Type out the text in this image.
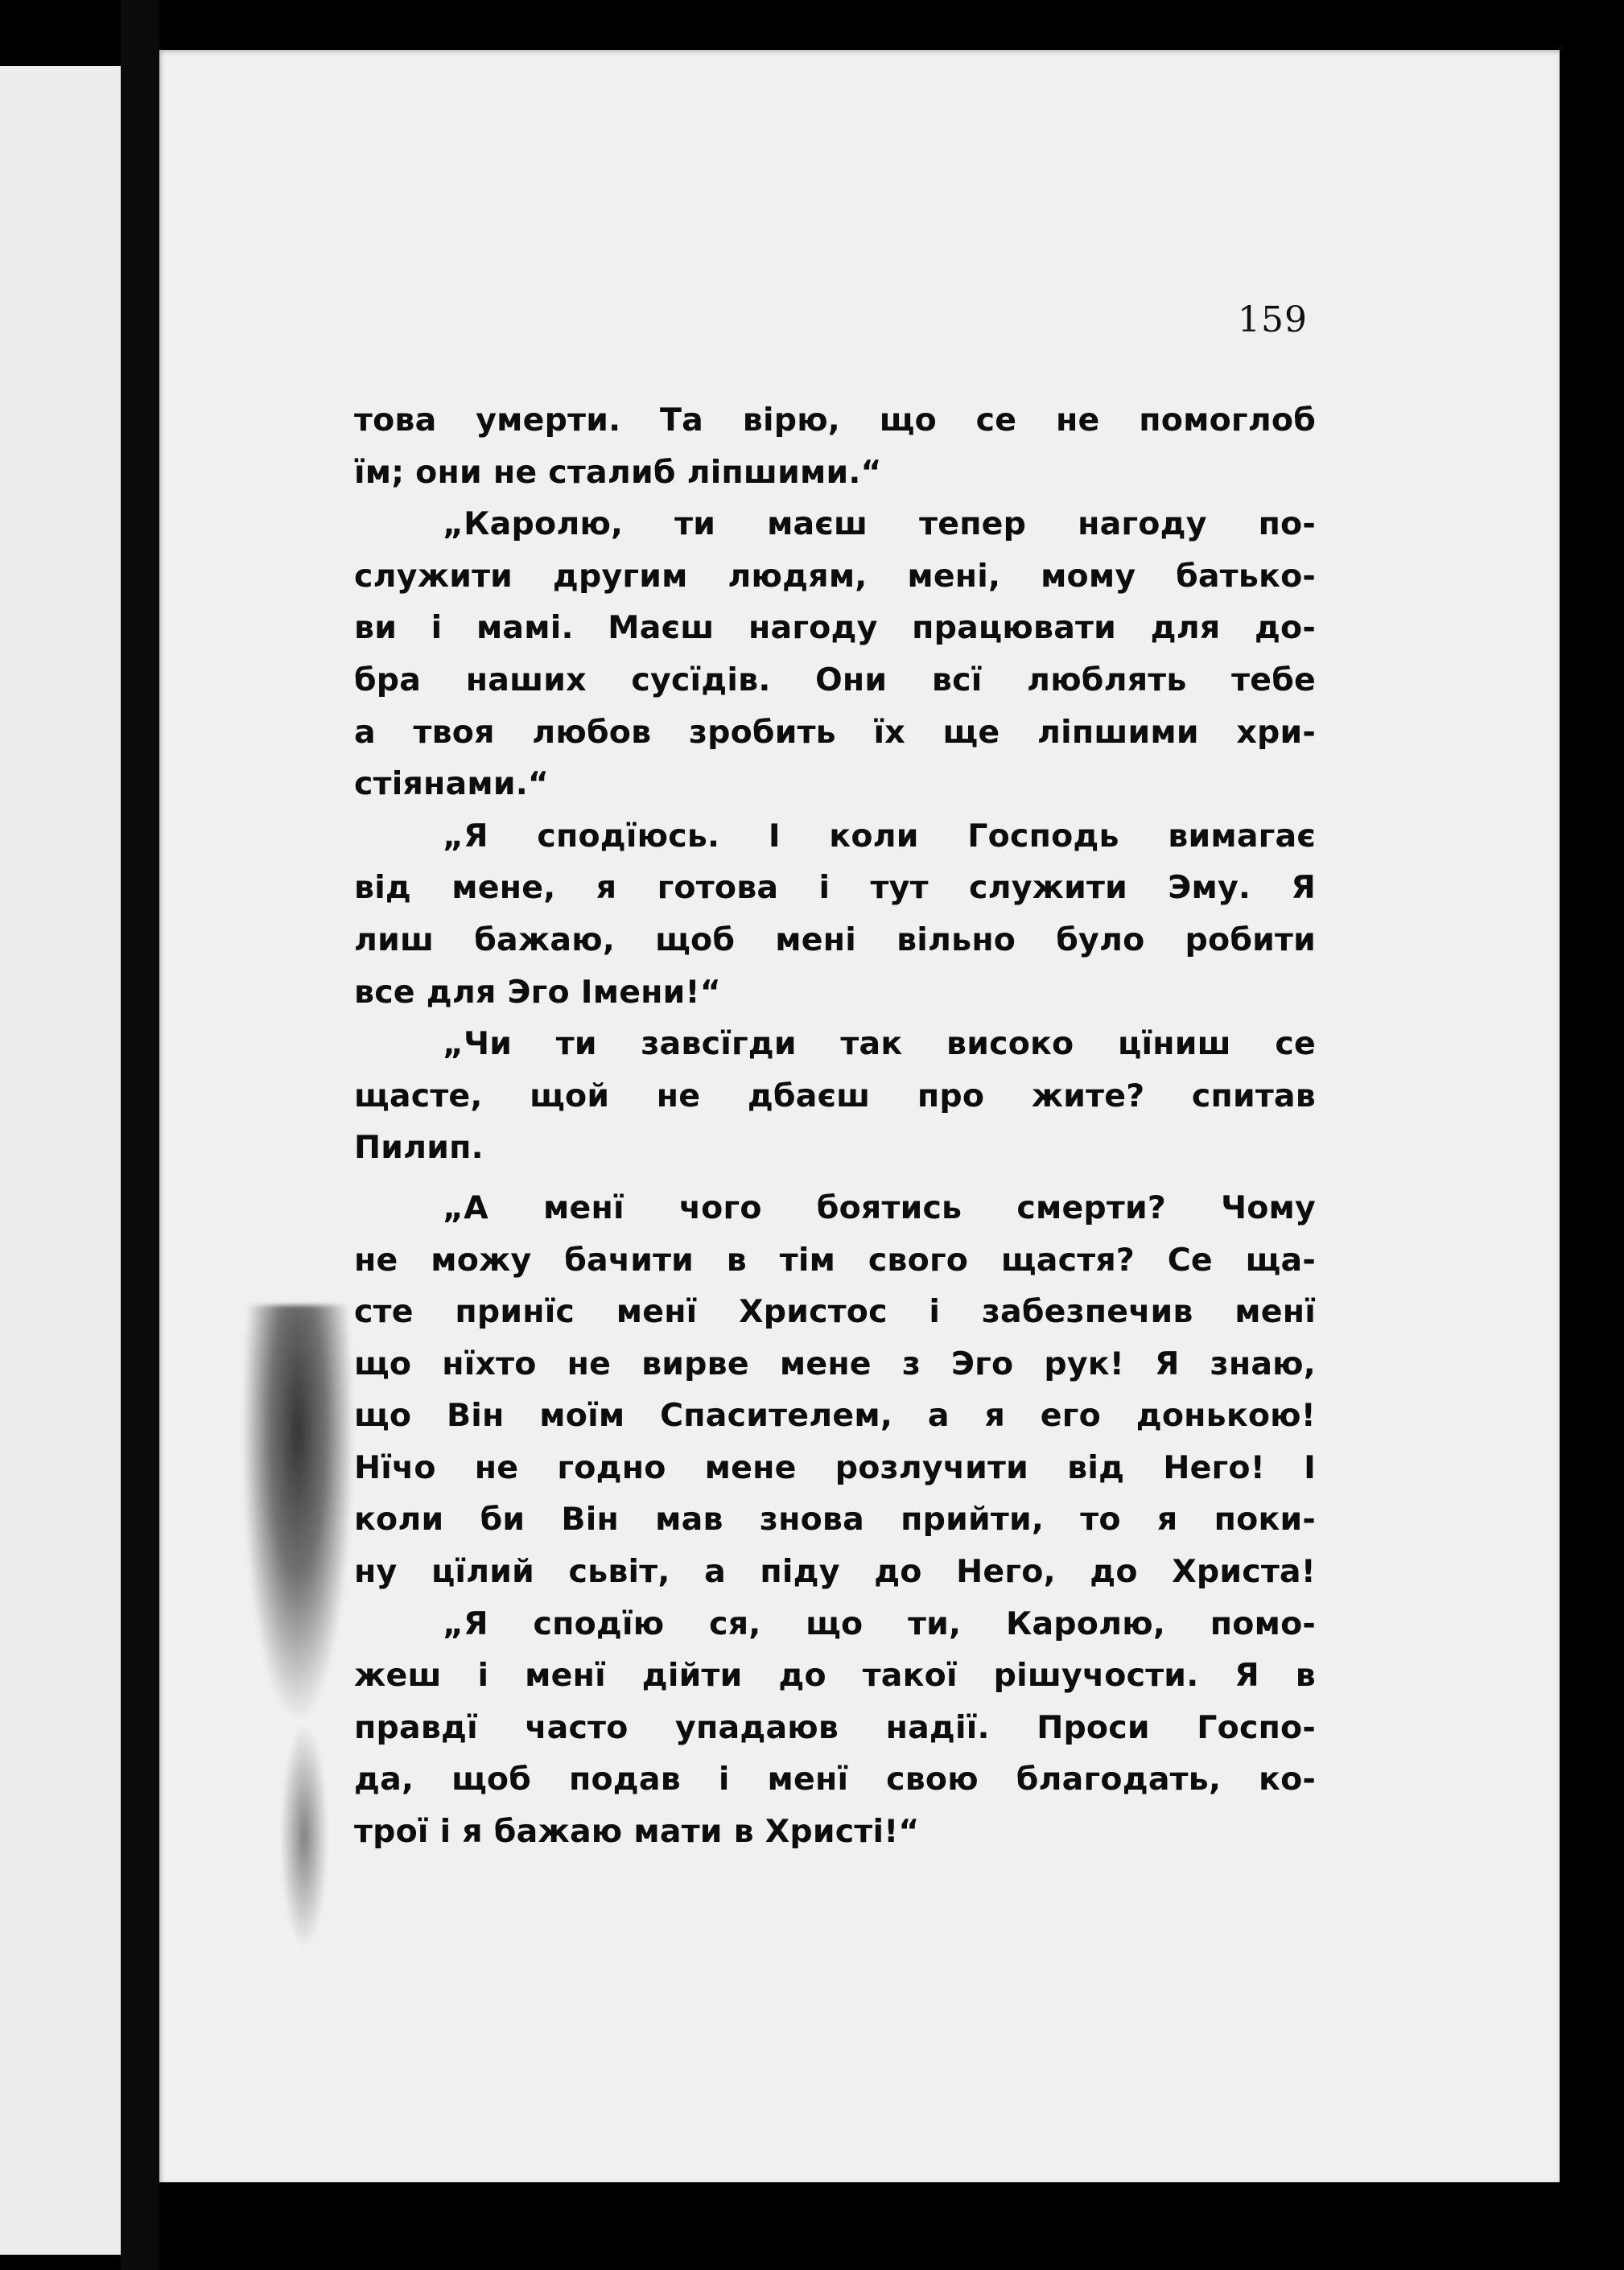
159
това умерти. Та вірю, що се не помоглоб
їм; они не сталиб ліпшими.“
„Каролю, ти маєш тепер нагоду по-
служити другим людям, мені, мому батько-
ви і мамі. Маєш нагоду працювати для до-
бра наших сусїдів. Они всї люблять тебе
а твоя любов зробить їх ще ліпшими хри-
стіянами.“
„Я сподїюсь. І коли Господь вимагає
від мене, я готова і тут служити Эму. Я
лиш бажаю, щоб мені вільно було робити
все для Эго Імени!“
„Чи ти завсїгди так високо цїниш се
щасте, щой не дбаєш про жите? спитав
Пилип.
„А менї чого боятись смерти? Чому
не можу бачити в тім свого щастя? Се ща-
сте принїс менї Христос і забезпечив менї
що нїхто не вирве мене з Эго рук! Я знаю,
що Він моїм Спасителем, а я его донькою!
Нїчо не годно мене розлучити від Него! І
коли би Він мав знова прийти, то я поки-
ну цїлий сьвіт, а піду до Него, до Христа!
„Я сподїю ся, що ти, Каролю, помо-
жеш і менї дійти до такої рішучости. Я в
правдї часто упадаюв надії. Проси Госпо-
да, щоб подав і менї свою благодать, ко-
трої і я бажаю мати в Христі!“
